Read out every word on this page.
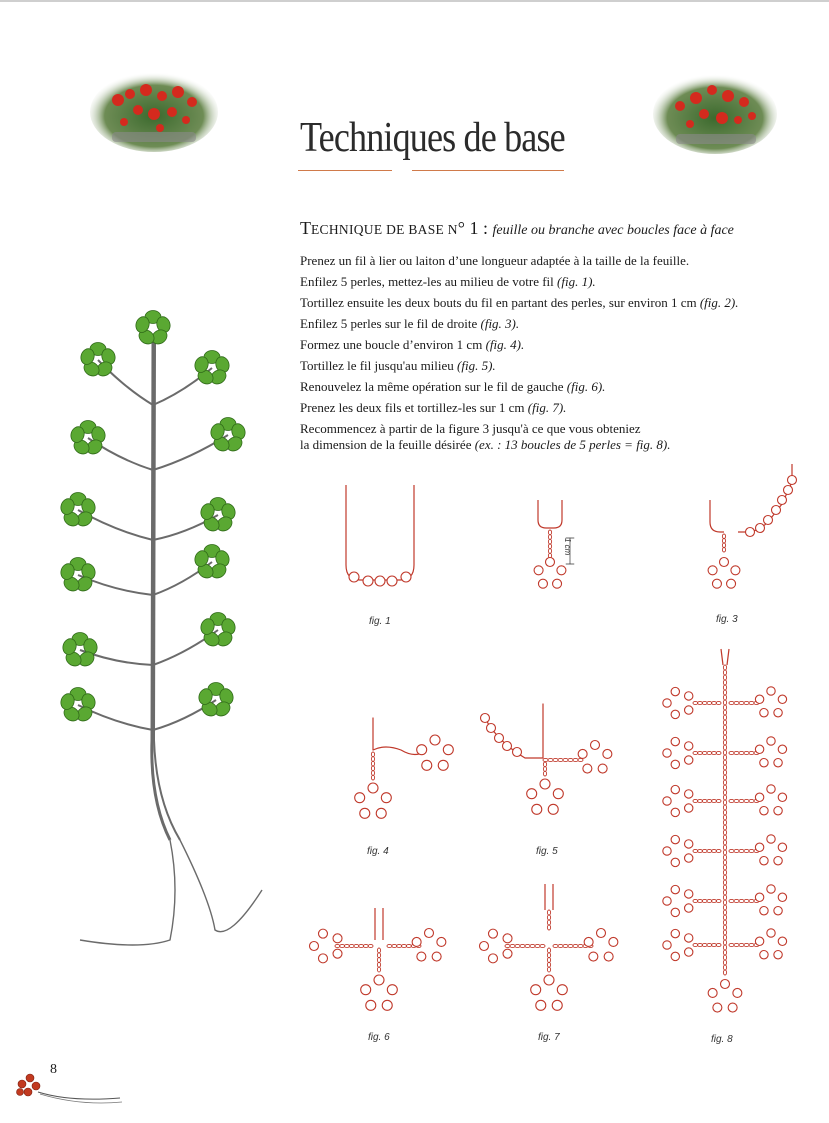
Techniques de base
TECHNIQUE DE BASE N° 1 : feuille ou branche avec boucles face à face
Prenez un fil à lier ou laiton d’une longueur adaptée à la taille de la feuille.
Enfilez 5 perles, mettez-les au milieu de votre fil (fig. 1).
Tortillez ensuite les deux bouts du fil en partant des perles, sur environ 1 cm (fig. 2).
Enfilez 5 perles sur le fil de droite (fig. 3).
Formez une boucle d’environ 1 cm (fig. 4).
Tortillez le fil jusqu'au milieu (fig. 5).
Renouvelez la même opération sur le fil de gauche (fig. 6).
Prenez les deux fils et tortillez-les sur 1 cm (fig. 7).
Recommencez à partir de la figure 3 jusqu'à ce que vous obteniez
la dimension de la feuille désirée (ex. : 13 boucles de 5 perles = fig. 8).
fig. 1
1 cm
fig. 3
fig. 4	fig. 5
fig. 6	fig. 7	fig. 8
8
